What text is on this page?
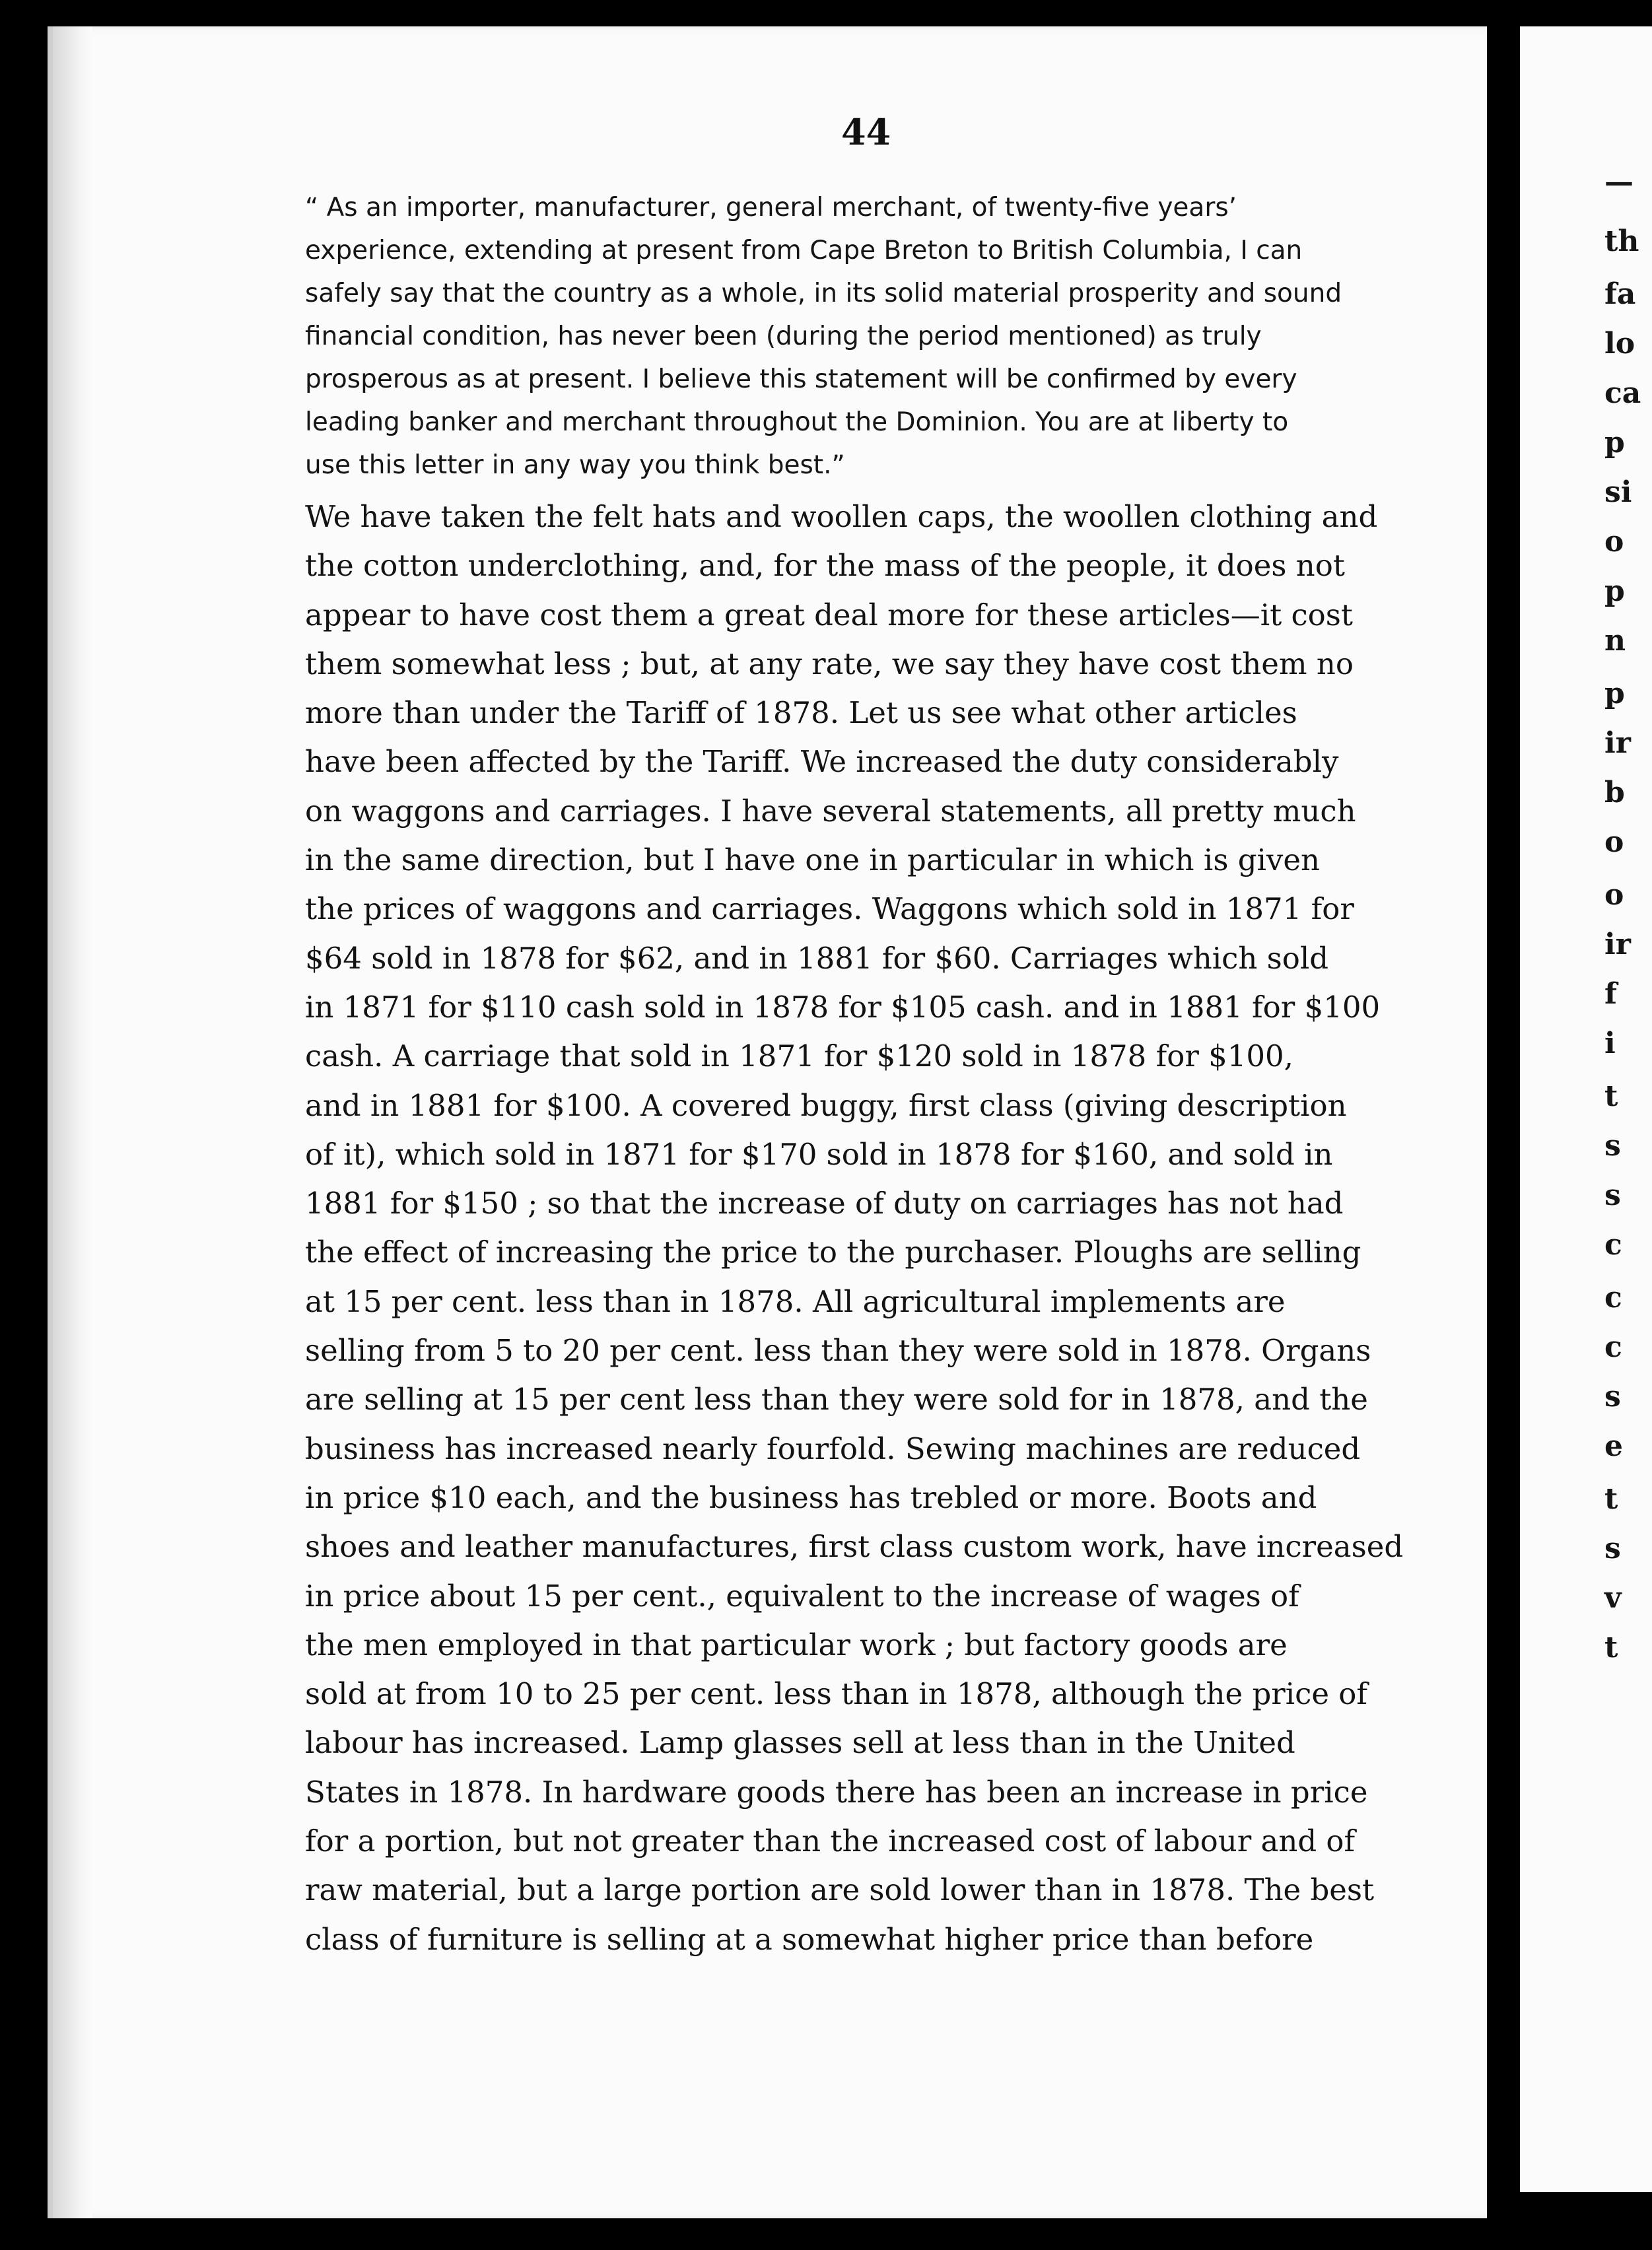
44
“ As an importer, manufacturer, general merchant, of twenty-five years’
experience, extending at present from Cape Breton to British Columbia, I can
safely say that the country as a whole, in its solid material prosperity and sound
financial condition, has never been (during the period mentioned) as truly
prosperous as at present. I believe this statement will be confirmed by every
leading banker and merchant throughout the Dominion. You are at liberty to
use this letter in any way you think best.”
We have taken the felt hats and woollen caps, the woollen clothing and
the cotton underclothing, and, for the mass of the people, it does not
appear to have cost them a great deal more for these articles—it cost
them somewhat less ; but, at any rate, we say they have cost them no
more than under the Tariff of 1878. Let us see what other articles
have been affected by the Tariff. We increased the duty considerably
on waggons and carriages. I have several statements, all pretty much
in the same direction, but I have one in particular in which is given
the prices of waggons and carriages. Waggons which sold in 1871 for
$64 sold in 1878 for $62, and in 1881 for $60. Carriages which sold
in 1871 for $110 cash sold in 1878 for $105 cash. and in 1881 for $100
cash. A carriage that sold in 1871 for $120 sold in 1878 for $100,
and in 1881 for $100. A covered buggy, first class (giving description
of it), which sold in 1871 for $170 sold in 1878 for $160, and sold in
1881 for $150 ; so that the increase of duty on carriages has not had
the effect of increasing the price to the purchaser. Ploughs are selling
at 15 per cent. less than in 1878. All agricultural implements are
selling from 5 to 20 per cent. less than they were sold in 1878. Organs
are selling at 15 per cent less than they were sold for in 1878, and the
business has increased nearly fourfold. Sewing machines are reduced
in price $10 each, and the business has trebled or more. Boots and
shoes and leather manufactures, first class custom work, have increased
in price about 15 per cent., equivalent to the increase of wages of
the men employed in that particular work ; but factory goods are
sold at from 10 to 25 per cent. less than in 1878, although the price of
labour has increased. Lamp glasses sell at less than in the United
States in 1878. In hardware goods there has been an increase in price
for a portion, but not greater than the increased cost of labour and of
raw material, but a large portion are sold lower than in 1878. The best
class of furniture is selling at a somewhat higher price than before
—
th
fa
lo
ca
p
si
o
p
n
p
ir
b
o
o
ir
f
i
t
s
s
c
c
c
s
e
t
s
v
t
